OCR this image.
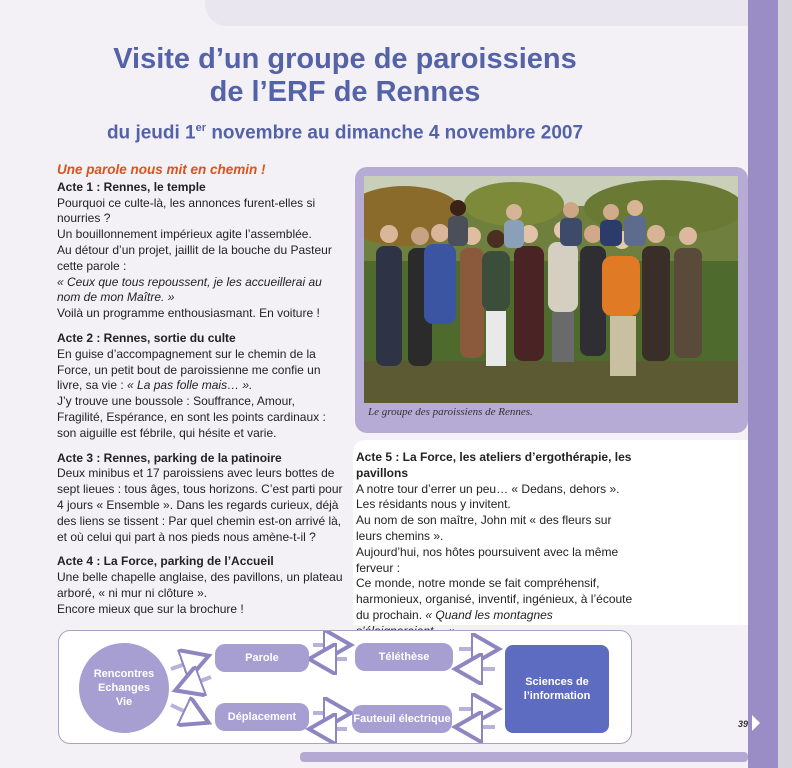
Visite d’un groupe de paroissiens
de l’ERF de Rennes
du jeudi 1er novembre au dimanche 4 novembre 2007

Une parole nous mit en chemin !

Acte 1 : Rennes, le temple

Pourquoi ce culte-là, les annonces furent-elles si nourries ?

Un bouillonnement impérieux agite l’assemblée.

Au détour d’un projet, jaillit de la bouche du Pasteur cette parole :

« Ceux que tous repoussent, je les accueillerai au nom de mon Maître. »

Voilà un programme enthousiasmant. En voiture !

Acte 2 : Rennes, sortie du culte

En guise d’accompagnement sur le chemin de la Force, un petit bout de paroissienne me confie un livre, sa vie : « La pas folle mais… ».

J’y trouve une boussole : Souffrance, Amour, Fragilité, Espérance, en sont les points cardinaux : son aiguille est fébrile, qui hésite et varie.

Acte 3 : Rennes, parking de la patinoire

Deux minibus et 17 paroissiens avec leurs bottes de sept lieues : tous âges, tous horizons. C’est parti pour 4 jours « Ensemble ». Dans les regards curieux, déjà des liens se tissent : Par quel chemin est-on arrivé là, et où celui qui part à nos pieds nous amène-t-il ?

Acte 4 : La Force, parking de l’Accueil

Une belle chapelle anglaise, des pavillons, un plateau arboré, « ni mur ni clôture ».

Encore mieux que sur la brochure !

Le groupe des paroissiens de Rennes.

Acte 5 : La Force, les ateliers d’ergothérapie, les pavillons

A notre tour d’errer un peu… « Dedans, dehors ». Les résidants nous y invitent.

Au nom de son maître, John mit « des fleurs sur leurs chemins ».

Aujourd’hui, nos hôtes poursuivent avec la même ferveur :

Ce monde, notre monde se fait compréhensif, harmonieux, organisé, inventif, ingénieux, à l’écoute du prochain. « Quand les montagnes

Rencontres
Echanges
Vie
Parole
Déplacement
Téléthèse
Fauteuil électrique
Sciences de
l’information
39
